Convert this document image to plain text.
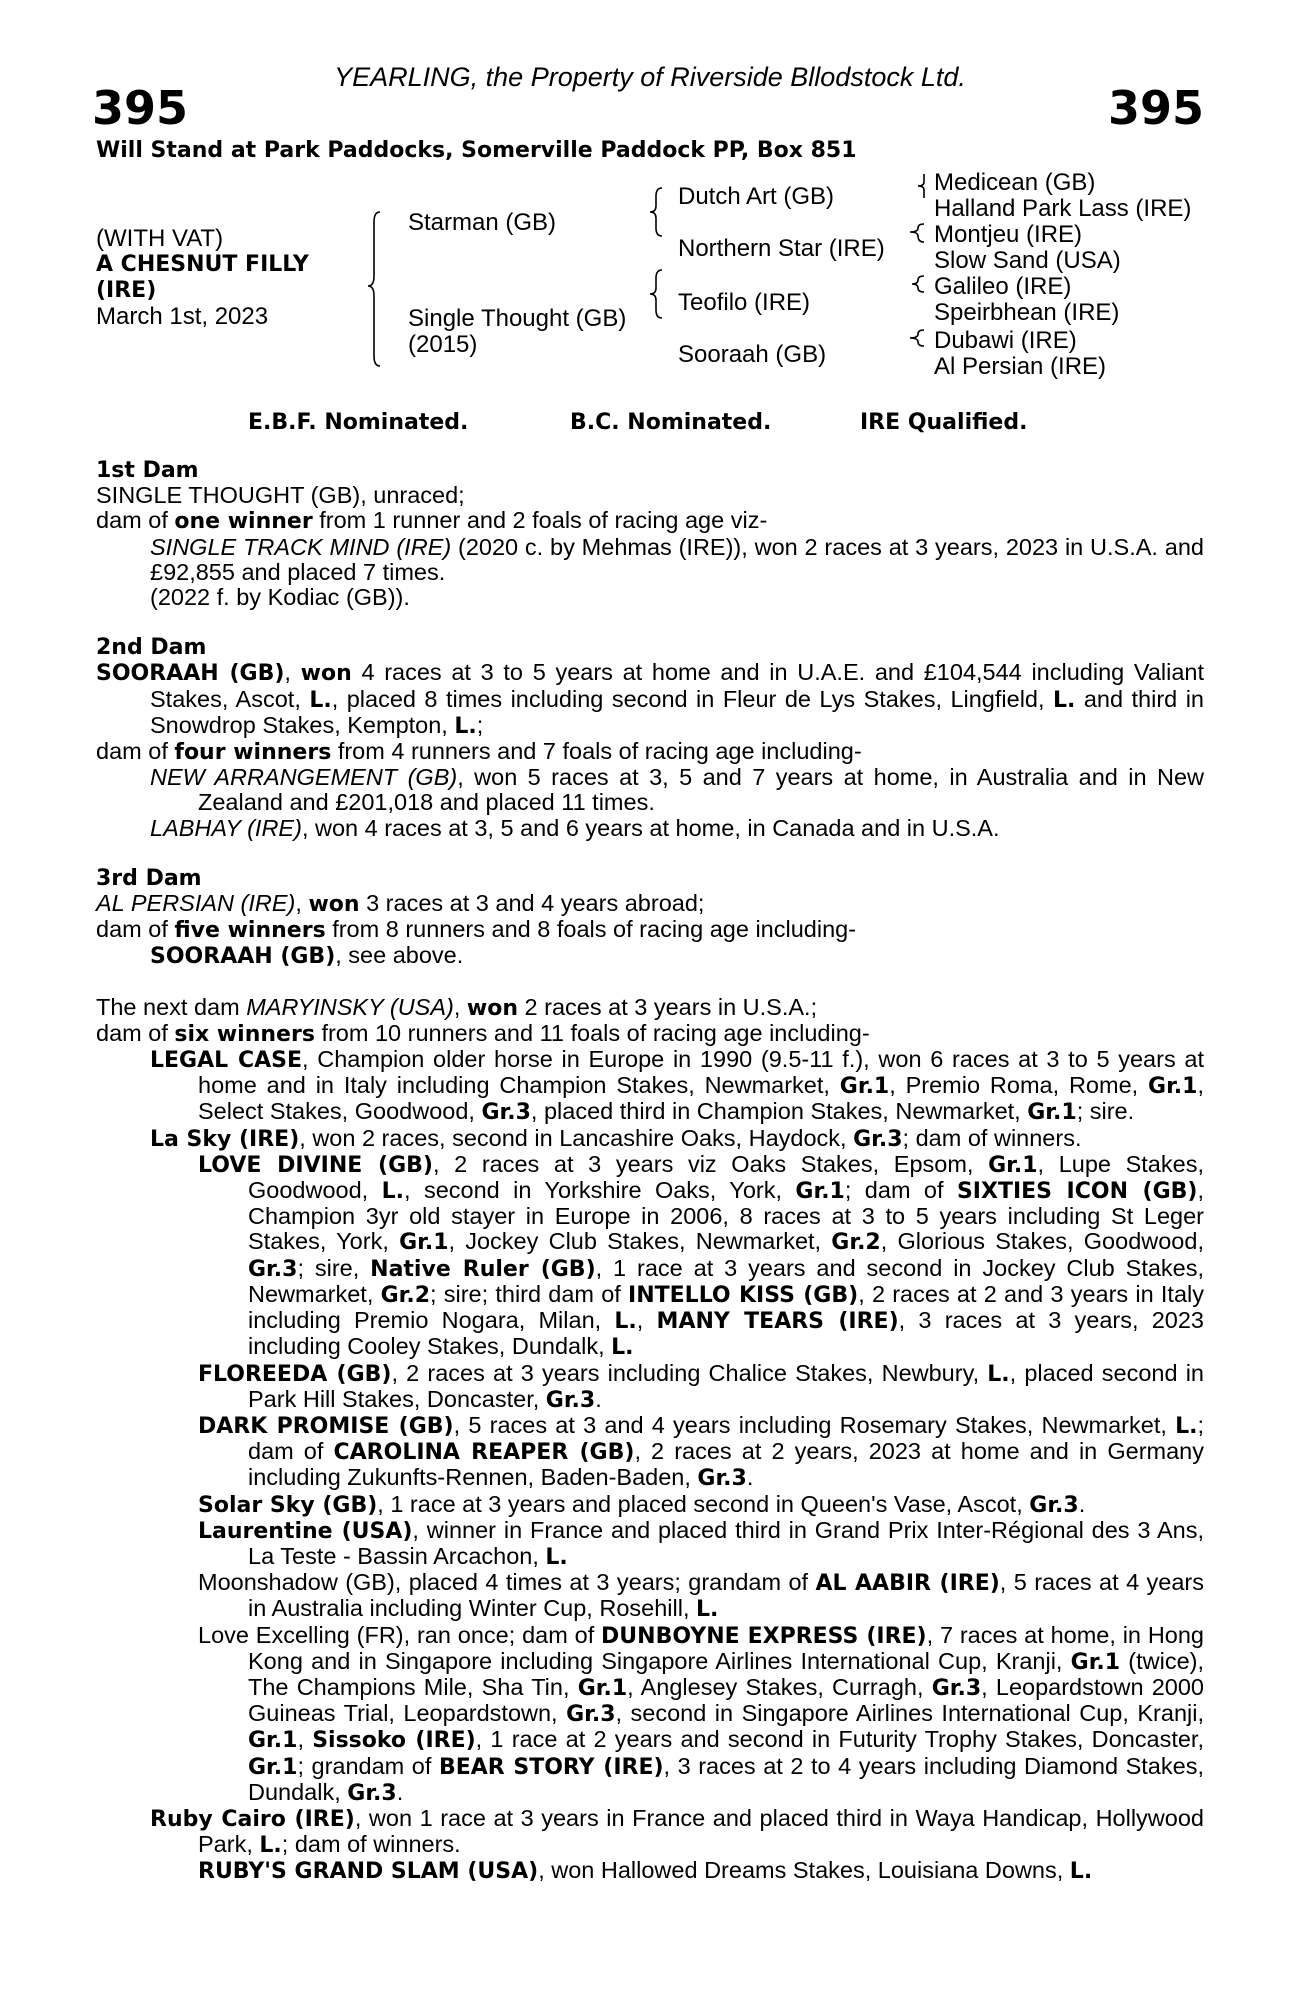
YEARLING, the Property of Riverside Bllodstock Ltd.
395	395
Will Stand at Park Paddocks, Somerville Paddock PP, Box 851
(WITH VAT)
A CHESNUT FILLY
(IRE)
March 1st, 2023
Starman (GB)
Single Thought (GB)
(2015)
Dutch Art (GB)
Northern Star (IRE)
Teofilo (IRE)
Sooraah (GB)
Medicean (GB)
Halland Park Lass (IRE)
Montjeu (IRE)
Slow Sand (USA)
Galileo (IRE)
Speirbhean (IRE)
Dubawi (IRE)
Al Persian (IRE)
E.B.F. Nominated.	B.C. Nominated.	IRE Qualified.
1st Dam

SINGLE THOUGHT (GB), unraced;

dam of one winner from 1 runner and 2 foals of racing age viz-

SINGLE TRACK MIND (IRE) (2020 c. by Mehmas (IRE)), won 2 races at 3 years, 2023 in U.S.A. and £92,855 and placed 7 times.

(2022 f. by Kodiac (GB)).

2nd Dam

SOORAAH (GB), won 4 races at 3 to 5 years at home and in U.A.E. and £104,544 including Valiant Stakes, Ascot, L., placed 8 times including second in Fleur de Lys Stakes, Lingfield, L. and third in Snowdrop Stakes, Kempton, L.;

dam of four winners from 4 runners and 7 foals of racing age including-

NEW ARRANGEMENT (GB), won 5 races at 3, 5 and 7 years at home, in Australia and in New Zealand and £201,018 and placed 11 times.

LABHAY (IRE), won 4 races at 3, 5 and 6 years at home, in Canada and in U.S.A.

3rd Dam

AL PERSIAN (IRE), won 3 races at 3 and 4 years abroad;

dam of five winners from 8 runners and 8 foals of racing age including-

SOORAAH (GB), see above.

The next dam MARYINSKY (USA), won 2 races at 3 years in U.S.A.;

dam of six winners from 10 runners and 11 foals of racing age including-

LEGAL CASE, Champion older horse in Europe in 1990 (9.5-11 f.), won 6 races at 3 to 5 years at home and in Italy including Champion Stakes, Newmarket, Gr.1, Premio Roma, Rome, Gr.1, Select Stakes, Goodwood, Gr.3, placed third in Champion Stakes, Newmarket, Gr.1; sire.

La Sky (IRE), won 2 races, second in Lancashire Oaks, Haydock, Gr.3; dam of winners.

LOVE DIVINE (GB), 2 races at 3 years viz Oaks Stakes, Epsom, Gr.1, Lupe Stakes, Goodwood, L., second in Yorkshire Oaks, York, Gr.1; dam of SIXTIES ICON (GB), Champion 3yr old stayer in Europe in 2006, 8 races at 3 to 5 years including St Leger Stakes, York, Gr.1, Jockey Club Stakes, Newmarket, Gr.2, Glorious Stakes, Goodwood, Gr.3; sire, Native Ruler (GB), 1 race at 3 years and second in Jockey Club Stakes, Newmarket, Gr.2; sire; third dam of INTELLO KISS (GB), 2 races at 2 and 3 years in Italy including Premio Nogara, Milan, L., MANY TEARS (IRE), 3 races at 3 years, 2023 including Cooley Stakes, Dundalk, L.

FLOREEDA (GB), 2 races at 3 years including Chalice Stakes, Newbury, L., placed second in Park Hill Stakes, Doncaster, Gr.3.

DARK PROMISE (GB), 5 races at 3 and 4 years including Rosemary Stakes, Newmarket, L.; dam of CAROLINA REAPER (GB), 2 races at 2 years, 2023 at home and in Germany including Zukunfts-Rennen, Baden-Baden, Gr.3.

Solar Sky (GB), 1 race at 3 years and placed second in Queen's Vase, Ascot, Gr.3.

Laurentine (USA), winner in France and placed third in Grand Prix Inter-Régional des 3 Ans, La Teste - Bassin Arcachon, L.

Moonshadow (GB), placed 4 times at 3 years; grandam of AL AABIR (IRE), 5 races at 4 years in Australia including Winter Cup, Rosehill, L.

Love Excelling (FR), ran once; dam of DUNBOYNE EXPRESS (IRE), 7 races at home, in Hong Kong and in Singapore including Singapore Airlines International Cup, Kranji, Gr.1 (twice), The Champions Mile, Sha Tin, Gr.1, Anglesey Stakes, Curragh, Gr.3, Leopardstown 2000 Guineas Trial, Leopardstown, Gr.3, second in Singapore Airlines International Cup, Kranji, Gr.1, Sissoko (IRE), 1 race at 2 years and second in Futurity Trophy Stakes, Doncaster, Gr.1; grandam of BEAR STORY (IRE), 3 races at 2 to 4 years including Diamond Stakes, Dundalk, Gr.3.

Ruby Cairo (IRE), won 1 race at 3 years in France and placed third in Waya Handicap, Hollywood Park, L.; dam of winners.

RUBY'S GRAND SLAM (USA), won Hallowed Dreams Stakes, Louisiana Downs, L.
